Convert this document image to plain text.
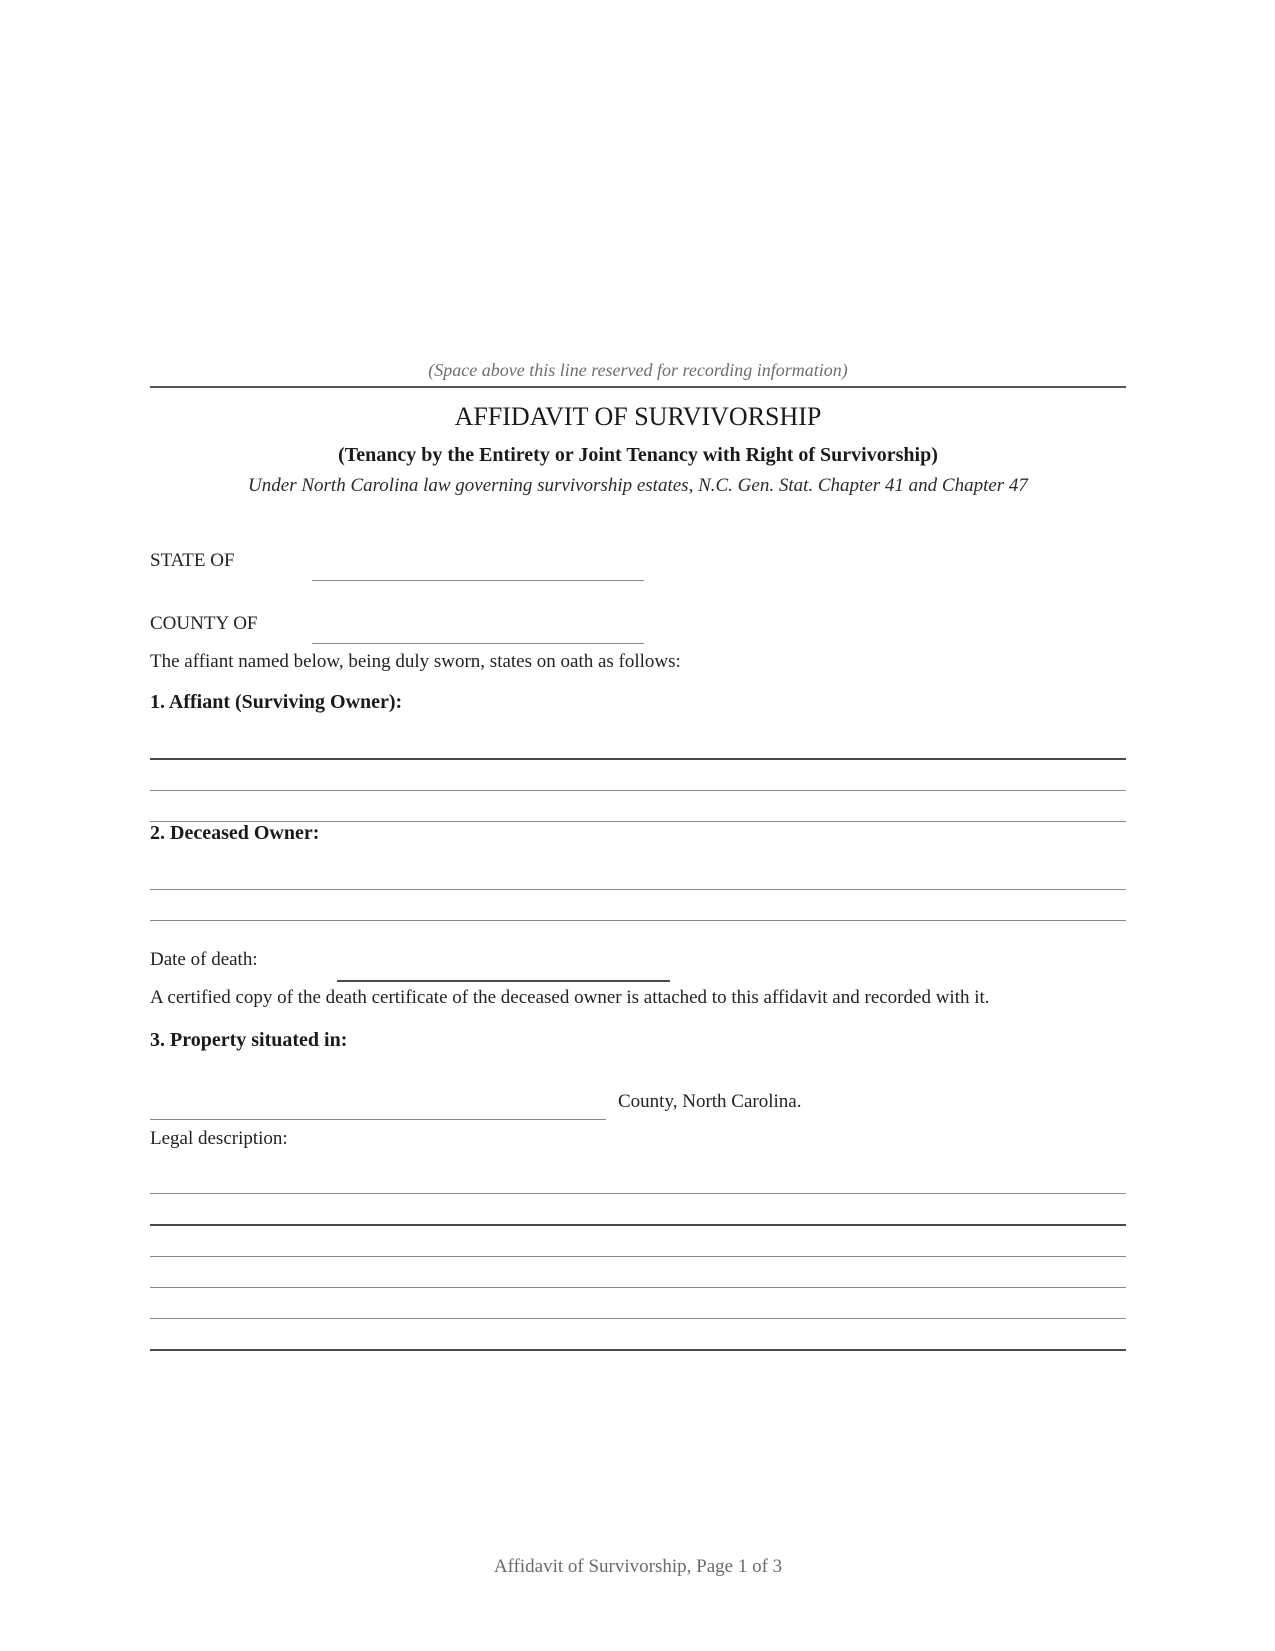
(Space above this line reserved for recording information)
AFFIDAVIT OF SURVIVORSHIP
(Tenancy by the Entirety or Joint Tenancy with Right of Survivorship)
Under North Carolina law governing survivorship estates, N.C. Gen. Stat. Chapter 41 and Chapter 47
STATE OF
COUNTY OF
The affiant named below, being duly sworn, states on oath as follows:
1. Affiant (Surviving Owner):
2. Deceased Owner:
Date of death:
A certified copy of the death certificate of the deceased owner is attached to this affidavit and recorded with it.
3. Property situated in:
County, North Carolina.
Legal description:
Affidavit of Survivorship, Page 1 of 3
